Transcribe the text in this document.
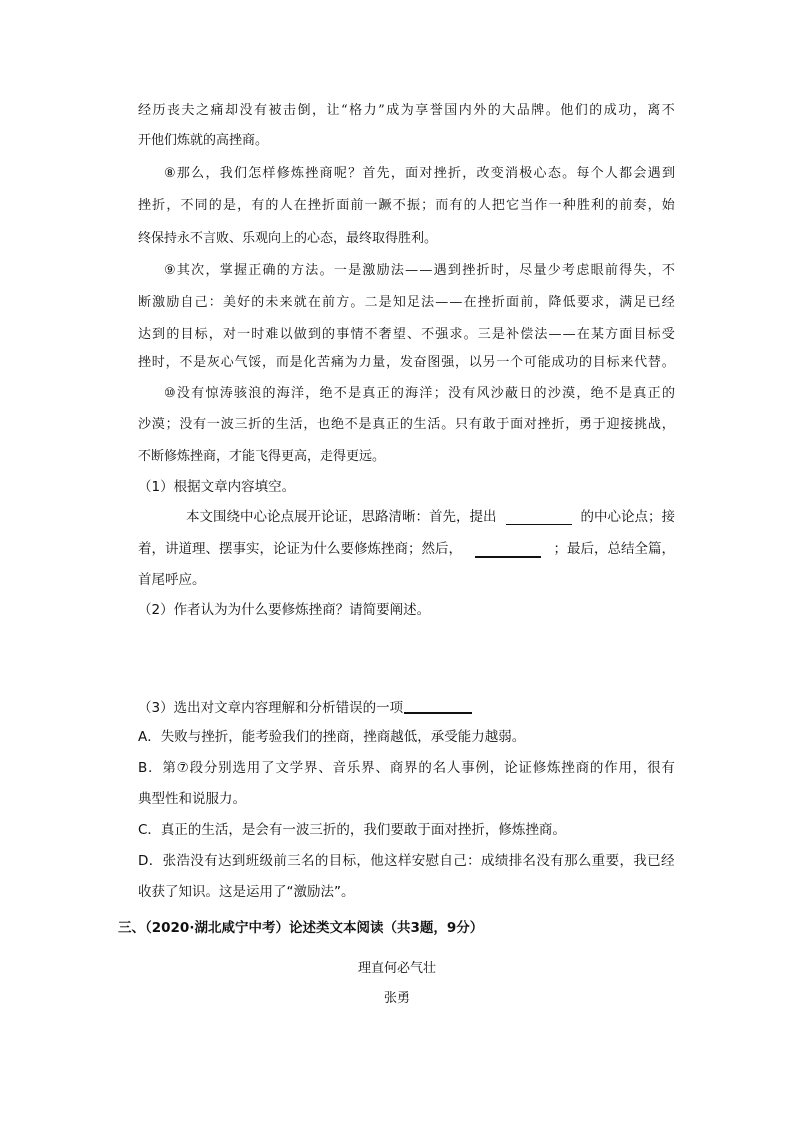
经 历 丧 夫 之 痛 却 没 有 被 击 倒 ， 让 “ 格 力 ” 成 为 享 誉 国 内 外 的 大 品 牌 。 他 们 的 成 功 ， 离 不
开他们炼就的高挫商。
⑧ 那 么 ， 我 们 怎 样 修 炼 挫 商 呢 ？ 首 先 ， 面 对 挫 折 ， 改 变 消 极 心 态 。 每 个 人 都 会 遇 到
挫 折 ， 不 同 的 是 ， 有 的 人 在 挫 折 面 前 一 蹶 不 振 ； 而 有 的 人 把 它 当 作 一 种 胜 利 的 前 奏 ， 始
终保持永不言败、乐观向上的心态，最终取得胜利。
⑨ 其 次 ， 掌 握 正 确 的 方 法 。 一 是 激 励 法 — — 遇 到 挫 折 时 ， 尽 量 少 考 虑 眼 前 得 失 ， 不
断 激 励 自 己 ： 美 好 的 未 来 就 在 前 方 。 二 是 知 足 法 — — 在 挫 折 面 前 ， 降 低 要 求 ， 满 足 已 经
达 到 的 目 标 ， 对 一 时 难 以 做 到 的 事 情 不 奢 望 、 不 强 求 。 三 是 补 偿 法 — — 在 某 方 面 目 标 受
挫 时 ， 不 是 灰 心 气 馁 ， 而 是 化 苦 痛 为 力 量 ， 发 奋 图 强 ， 以 另 一 个 可 能 成 功 的 目 标 来 代 替 。
⑩ 没 有 惊 涛 骇 浪 的 海 洋 ， 绝 不 是 真 正 的 海 洋 ； 没 有 风 沙 蔽 日 的 沙 漠 ， 绝 不 是 真 正 的
沙 漠 ； 没 有 一 波 三 折 的 生 活 ， 也 绝 不 是 真 正 的 生 活 。 只 有 敢 于 面 对 挫 折 ， 勇 于 迎 接 挑 战 ，
不断修炼挫商，才能飞得更高，走得更远。
（1）根据文章内容填空。
本文围绕中心论点展开论证，思路清晰：首先，提出	的中心论点；接
着，讲道理、摆事实，论证为什么要修炼挫商；然后，	；最后，总结全篇，
首尾呼应。
（2）作者认为为什么要修炼挫商？请简要阐述。
（3）选出对文章内容理解和分析错误的一项
A．失败与挫折，能考验我们的挫商，挫商越低，承受能力越弱。
B ． 第 ⑦ 段 分 别 选 用 了 文 学 界 、 音 乐 界 、 商 界 的 名 人 事 例 ， 论 证 修 炼 挫 商 的 作 用 ， 很 有
典型性和说服力。
C．真正的生活，是会有一波三折的，我们要敢于面对挫折，修炼挫商。
D ． 张 浩 没 有 达 到 班 级 前 三 名 的 目 标 ， 他 这 样 安 慰 自 己 ： 成 绩 排 名 没 有 那 么 重 要 ， 我 已 经
收获了知识。这是运用了“激励法”。
三、（2020·湖北咸宁中考）论述类文本阅读（共3题，9分）
理直何必气壮
张勇
